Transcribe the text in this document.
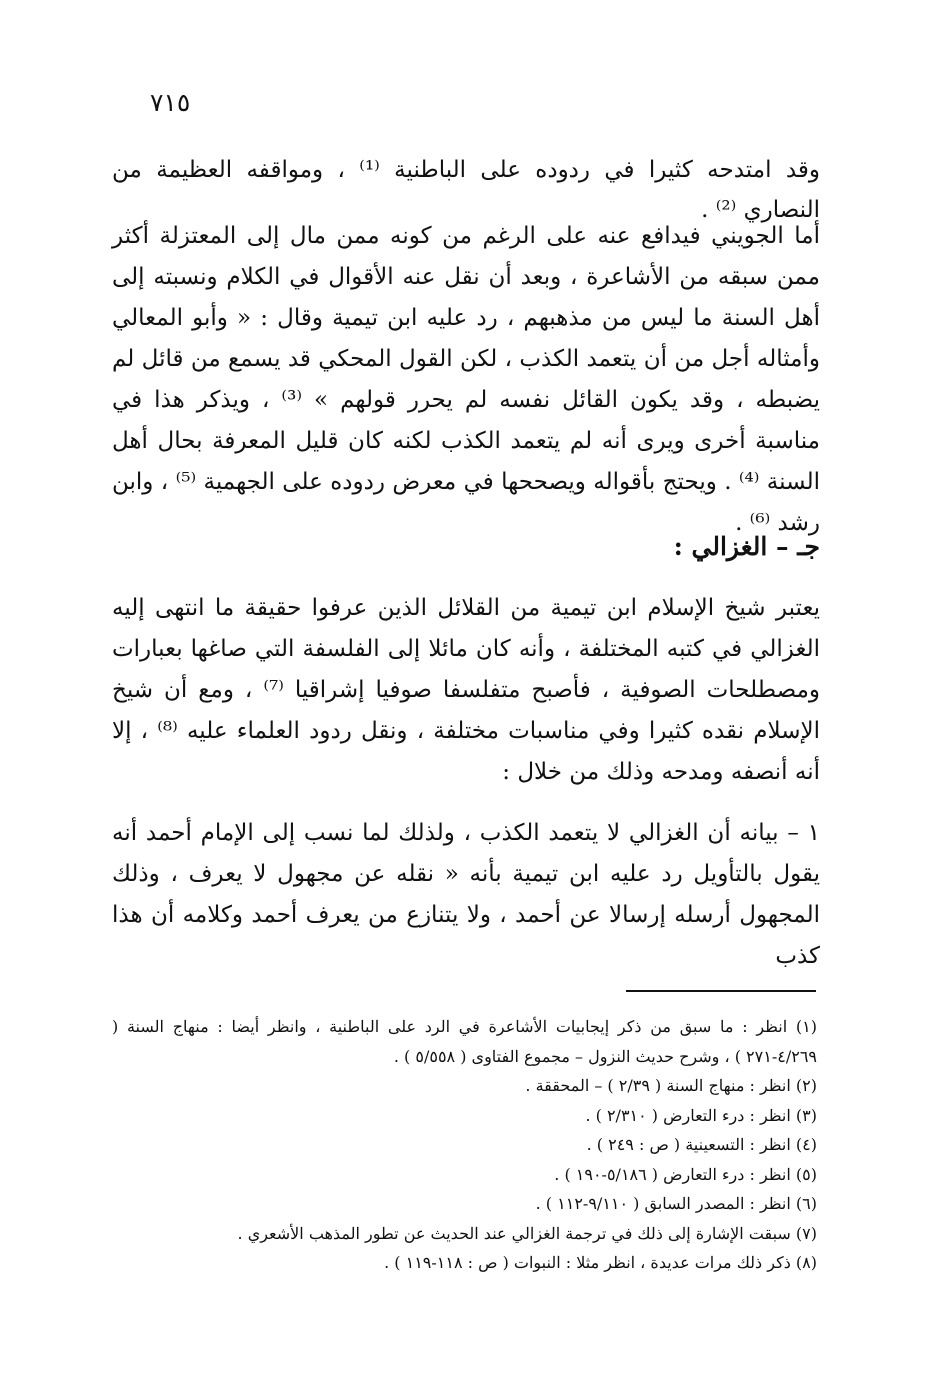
٧١٥

وقد امتدحه كثيرا في ردوده على الباطنية ⁽¹⁾ ، ومواقفه العظيمة من النصاري ⁽²⁾ .

أما الجويني فيدافع عنه على الرغم من كونه ممن مال إلى المعتزلة أكثر ممن سبقه من الأشاعرة ، وبعد أن نقل عنه الأقوال في الكلام ونسبته إلى أهل السنة ما ليس من مذهبهم ، رد عليه ابن تيمية وقال : « وأبو المعالي وأمثاله أجل من أن يتعمد الكذب ، لكن القول المحكي قد يسمع من قائل لم يضبطه ، وقد يكون القائل نفسه لم يحرر قولهم » ⁽³⁾ ، ويذكر هذا في مناسبة أخرى ويرى أنه لم يتعمد الكذب لكنه كان قليل المعرفة بحال أهل السنة ⁽⁴⁾ . ويحتج بأقواله ويصححها في معرض ردوده على الجهمية ⁽⁵⁾ ، وابن رشد ⁽⁶⁾ .

جـ – الغزالي :

يعتبر شيخ الإسلام ابن تيمية من القلائل الذين عرفوا حقيقة ما انتهى إليه الغزالي في كتبه المختلفة ، وأنه كان مائلا إلى الفلسفة التي صاغها بعبارات ومصطلحات الصوفية ، فأصبح متفلسفا صوفيا إشراقيا ⁽⁷⁾ ، ومع أن شيخ الإسلام نقده كثيرا وفي مناسبات مختلفة ، ونقل ردود العلماء عليه ⁽⁸⁾ ، إلا أنه أنصفه ومدحه وذلك من خلال :

١ – بيانه أن الغزالي لا يتعمد الكذب ، ولذلك لما نسب إلى الإمام أحمد أنه يقول بالتأويل رد عليه ابن تيمية بأنه « نقله عن مجهول لا يعرف ، وذلك المجهول أرسله إرسالا عن أحمد ، ولا يتنازع من يعرف أحمد وكلامه أن هذا كذب

(١) انظر : ما سبق من ذكر إيجابيات الأشاعرة في الرد على الباطنية ، وانظر أيضا : منهاج السنة ( ٤/٢٦٩-٢٧١ ) ، وشرح حديث النزول – مجموع الفتاوى ( ٥/٥٥٨ ) .

(٢) انظر : منهاج السنة ( ٢/٣٩ ) – المحققة .

(٣) انظر : درء التعارض ( ٢/٣١٠ ) .

(٤) انظر : التسعينية ( ص : ٢٤٩ ) .

(٥) انظر : درء التعارض ( ٥/١٨٦-١٩٠ ) .

(٦) انظر : المصدر السابق ( ٩/١١٠-١١٢ ) .

(٧) سبقت الإشارة إلى ذلك في ترجمة الغزالي عند الحديث عن تطور المذهب الأشعري .

(٨) ذكر ذلك مرات عديدة ، انظر مثلا : النبوات ( ص : ١١٨-١١٩ ) .
